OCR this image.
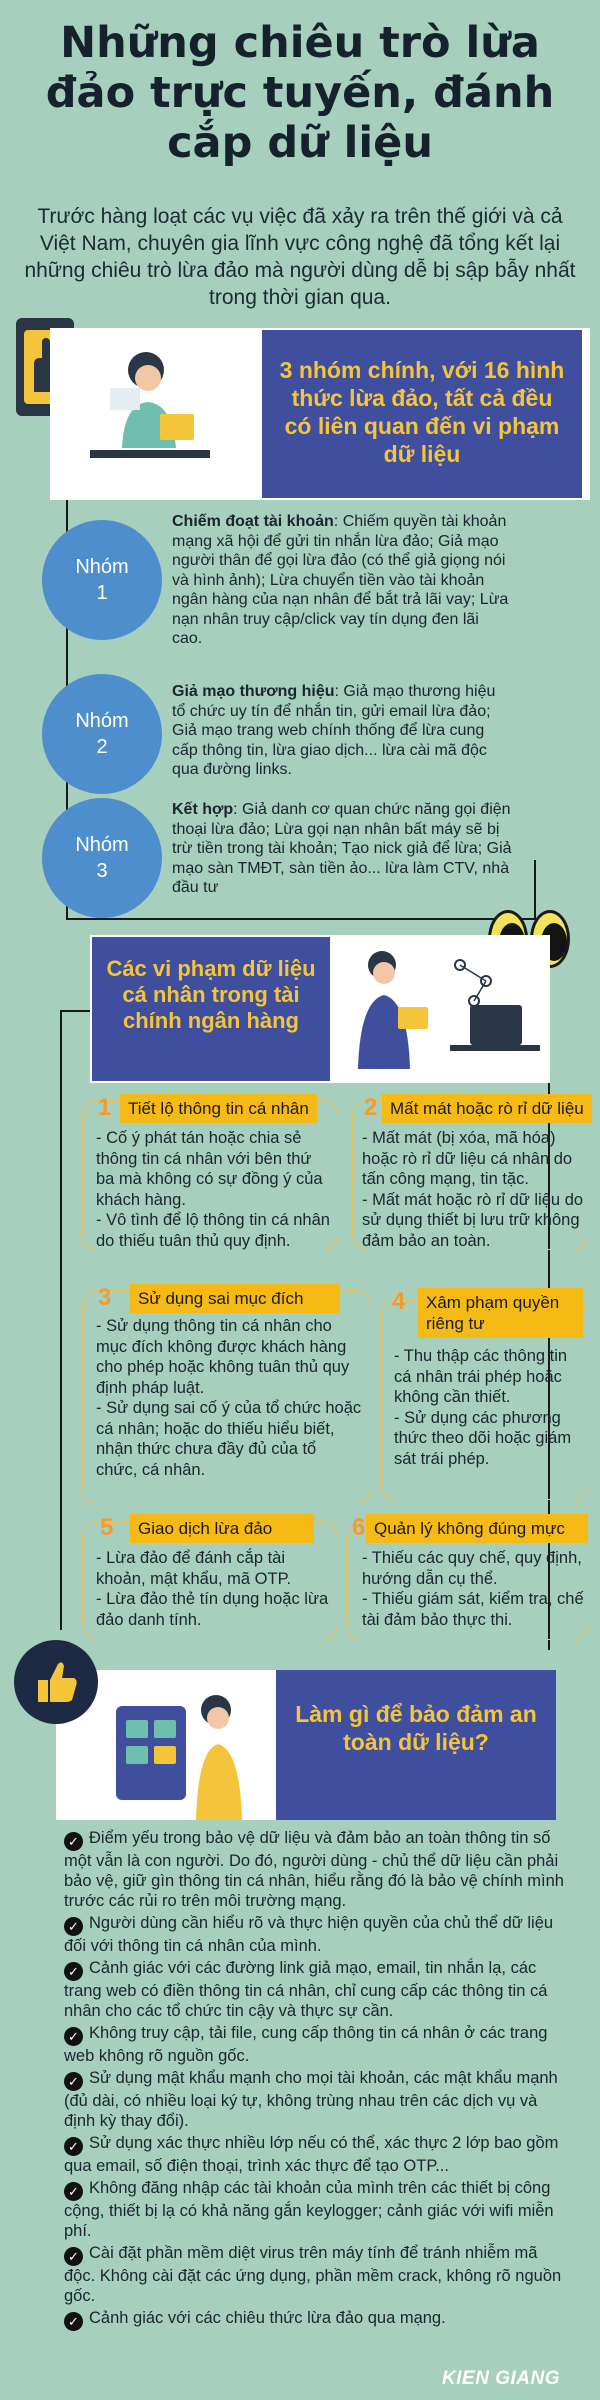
Những chiêu trò lừa
đảo trực tuyến, đánh
cắp dữ liệu
Trước hàng loạt các vụ việc đã xảy ra trên thế giới và cả Việt Nam, chuyên gia lĩnh vực công nghệ đã tổng kết lại những chiêu trò lừa đảo mà người dùng dễ bị sập bẫy nhất trong thời gian qua.
3 nhóm chính, với 16 hình thức lừa đảo, tất cả đều có liên quan đến vi phạm dữ liệu
Nhóm
1
Chiếm đoạt tài khoản: Chiếm quyền tài khoản mạng xã hội để gửi tin nhắn lừa đảo; Giả mạo người thân để gọi lừa đảo (có thể giả giọng nói và hình ảnh); Lừa chuyển tiền vào tài khoản ngân hàng của nạn nhân để bắt trả lãi vay; Lừa nạn nhân truy cập/click vay tín dụng đen lãi cao.
Nhóm
2
Giả mạo thương hiệu: Giả mạo thương hiệu tổ chức uy tín để nhắn tin, gửi email lừa đảo; Giả mạo trang web chính thống để lừa cung cấp thông tin, lừa giao dịch... lừa cài mã độc qua đường links.
Nhóm
3
Kết hợp: Giả danh cơ quan chức năng gọi điện thoại lừa đảo; Lừa gọi nạn nhân bất máy sẽ bị trừ tiền trong tài khoản; Tạo nick giả để lừa; Giả mạo sàn TMĐT, sàn tiền ảo... lừa làm CTV, nhà đầu tư
Các vi phạm dữ liệu cá nhân trong tài chính ngân hàng
1 Tiết lộ thông tin cá nhân
- Cố ý phát tán hoặc chia sẻ thông tin cá nhân với bên thứ ba mà không có sự đồng ý của khách hàng.
- Vô tình để lộ thông tin cá nhân do thiếu tuân thủ quy định.
2 Mất mát hoặc rò rỉ dữ liệu
- Mất mát (bị xóa, mã hóa) hoặc rò rỉ dữ liệu cá nhân do tấn công mạng, tin tặc.
- Mất mát hoặc rò rỉ dữ liệu do sử dụng thiết bị lưu trữ không đảm bảo an toàn.
3	Sử dụng sai mục đích
- Sử dụng thông tin cá nhân cho mục đích không được khách hàng cho phép hoặc không tuân thủ quy định pháp luật.
- Sử dụng sai cố ý của tổ chức hoặc cá nhân; hoặc do thiếu hiểu biết, nhận thức chưa đầy đủ của tổ chức, cá nhân.
4	Xâm phạm quyền riêng tư
- Thu thập các thông tin cá nhân trái phép hoặc không cần thiết.
- Sử dụng các phương thức theo dõi hoặc giám sát trái phép.
5	Giao dịch lừa đảo
- Lừa đảo để đánh cắp tài khoản, mật khẩu, mã OTP.
- Lừa đảo thẻ tín dụng hoặc lừa đảo danh tính.
6 Quản lý không đúng mực
- Thiếu các quy chế, quy định, hướng dẫn cụ thể.
- Thiếu giám sát, kiểm tra, chế tài đảm bảo thực thi.
Làm gì để bảo đảm an toàn dữ liệu?
✓ Điểm yếu trong bảo vệ dữ liệu và đảm bảo an toàn thông tin số một vẫn là con người. Do đó, người dùng - chủ thể dữ liệu cần phải bảo vệ, giữ gìn thông tin cá nhân, hiểu rằng đó là bảo vệ chính mình trước các rủi ro trên môi trường mạng.
✓ Người dùng cần hiểu rõ và thực hiện quyền của chủ thể dữ liệu đối với thông tin cá nhân của mình.
✓ Cảnh giác với các đường link giả mạo, email, tin nhắn lạ, các trang web có điền thông tin cá nhân, chỉ cung cấp các thông tin cá nhân cho các tổ chức tin cậy và thực sự cần.
✓ Không truy cập, tải file, cung cấp thông tin cá nhân ở các trang web không rõ nguồn gốc.
✓ Sử dụng mật khẩu mạnh cho mọi tài khoản, các mật khẩu mạnh (đủ dài, có nhiều loại ký tự, không trùng nhau trên các dịch vụ và định kỳ thay đổi).
✓ Sử dụng xác thực nhiều lớp nếu có thể, xác thực 2 lớp bao gồm qua email, số điện thoại, trình xác thực để tạo OTP...
✓ Không đăng nhập các tài khoản của mình trên các thiết bị công cộng, thiết bị lạ có khả năng gắn keylogger; cảnh giác với wifi miễn phí.
✓ Cài đặt phần mềm diệt virus trên máy tính để tránh nhiễm mã độc. Không cài đặt các ứng dụng, phần mềm crack, không rõ nguồn gốc.
✓ Cảnh giác với các chiêu thức lừa đảo qua mạng.
KIEN GIANG
